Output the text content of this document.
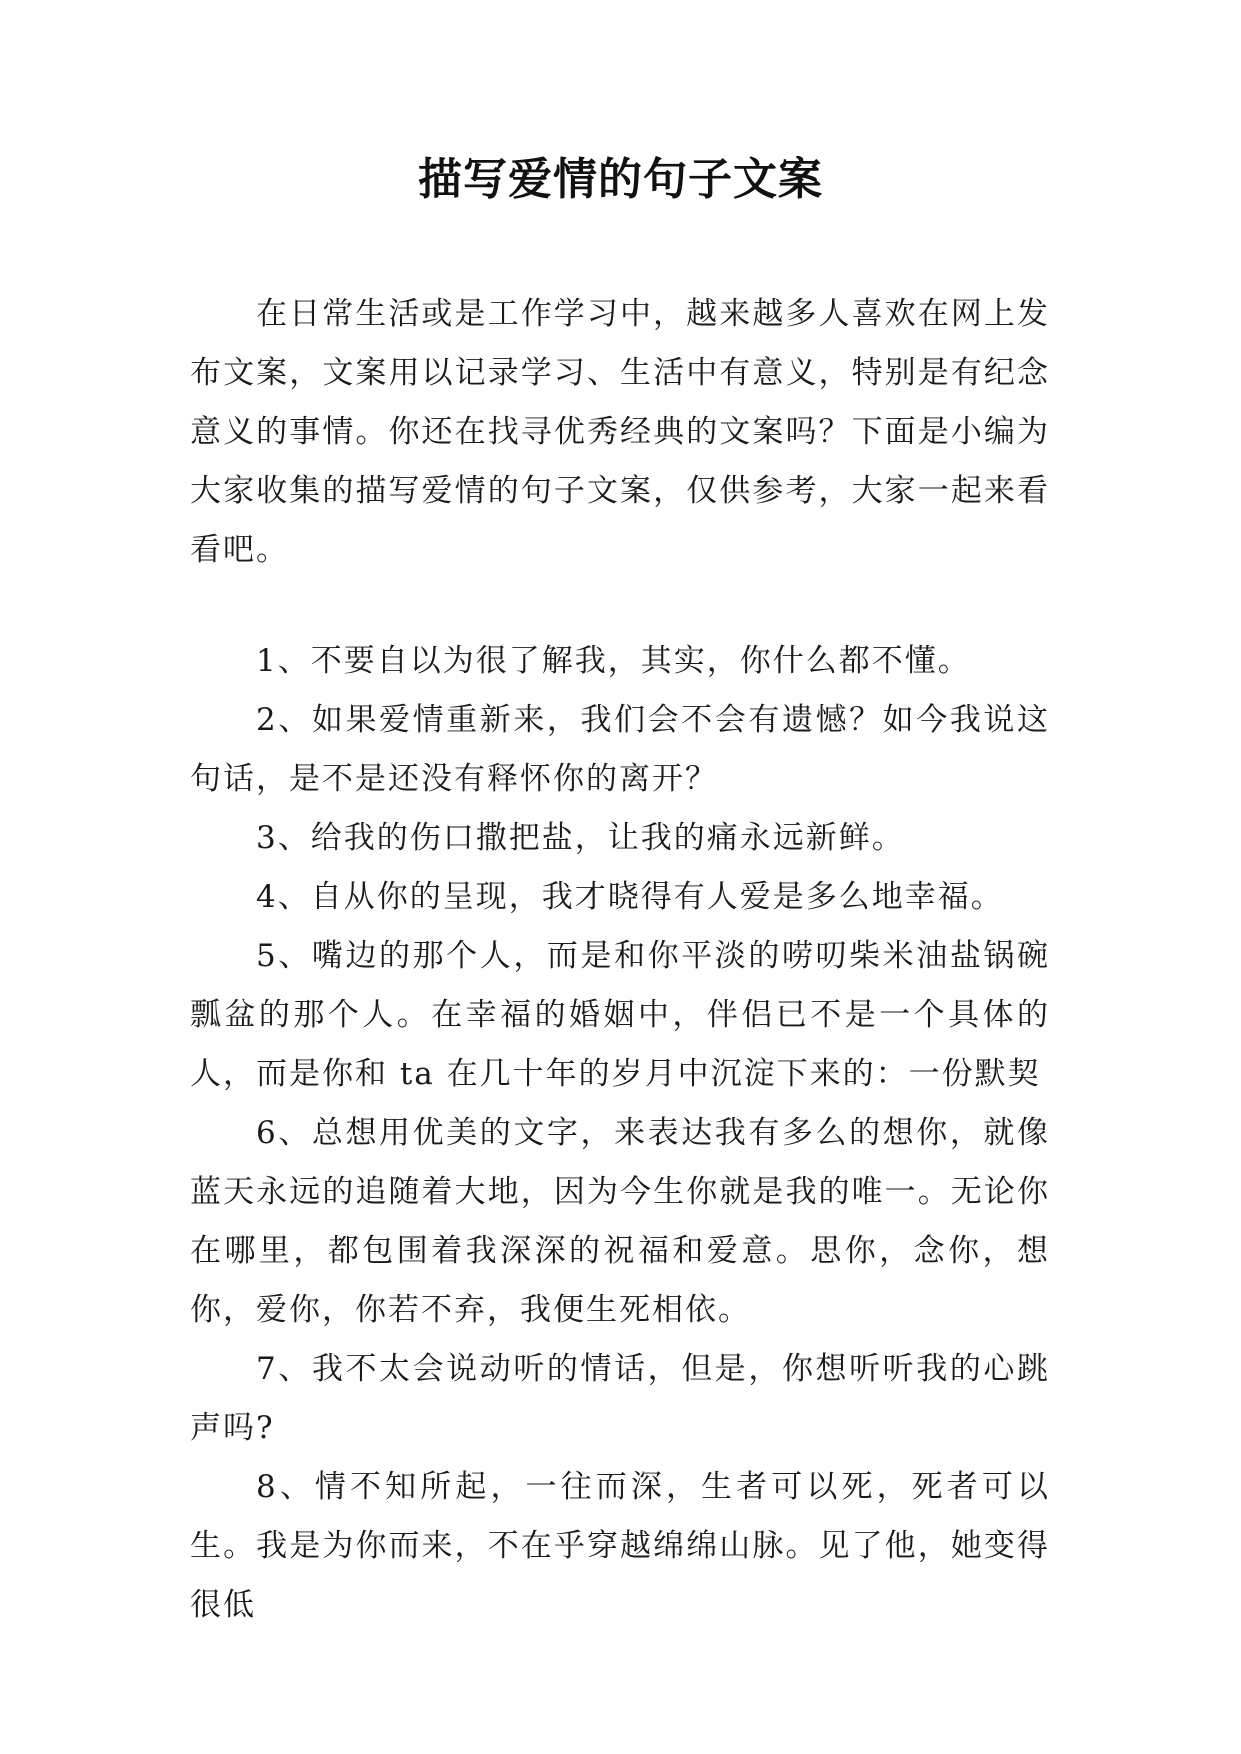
描写爱情的句子文案

在日常生活或是工作学习中，越来越多人喜欢在网上发布文案，文案用以记录学习、生活中有意义，特别是有纪念意义的事情。你还在找寻优秀经典的文案吗？下面是小编为大家收集的描写爱情的句子文案，仅供参考，大家一起来看看吧。

1、不要自以为很了解我，其实，你什么都不懂。

2、如果爱情重新来，我们会不会有遗憾？如今我说这句话，是不是还没有释怀你的离开？

3、给我的伤口撒把盐，让我的痛永远新鲜。

4、自从你的呈现，我才晓得有人爱是多么地幸福。

5、嘴边的那个人，而是和你平淡的唠叨柴米油盐锅碗瓢盆的那个人。在幸福的婚姻中，伴侣已不是一个具体的人，而是你和 ta 在几十年的岁月中沉淀下来的：一份默契

6、总想用优美的文字，来表达我有多么的想你，就像蓝天永远的追随着大地，因为今生你就是我的唯一。无论你在哪里，都包围着我深深的祝福和爱意。思你，念你，想你，爱你，你若不弃，我便生死相依。

7、我不太会说动听的情话，但是，你想听听我的心跳声吗?

8、情不知所起，一往而深，生者可以死，死者可以生。我是为你而来，不在乎穿越绵绵山脉。见了他，她变得很低
